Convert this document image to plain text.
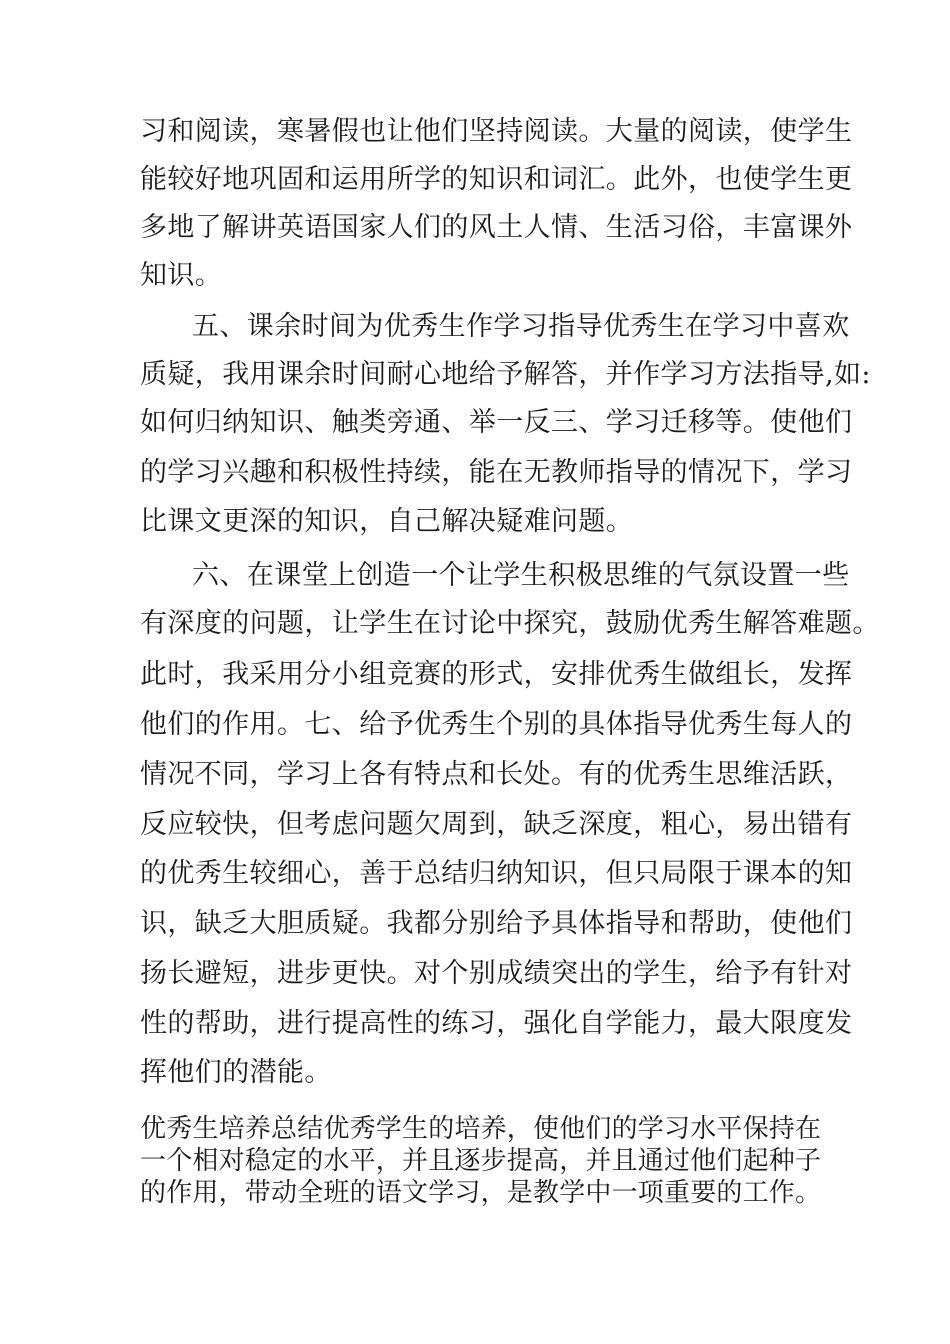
习和阅读，寒暑假也让他们坚持阅读。大量的阅读，使学生
能较好地巩固和运用所学的知识和词汇。此外，也使学生更
多地了解讲英语国家人们的风土人情、生活习俗，丰富课外
知识。
五、课余时间为优秀生作学习指导优秀生在学习中喜欢
质疑，我用课余时间耐心地给予解答，并作学习方法指导,如:
如何归纳知识、触类旁通、举一反三、学习迁移等。使他们
的学习兴趣和积极性持续，能在无教师指导的情况下，学习
比课文更深的知识，自己解决疑难问题。
六、在课堂上创造一个让学生积极思维的气氛设置一些
有深度的问题，让学生在讨论中探究，鼓励优秀生解答难题。
此时，我采用分小组竞赛的形式，安排优秀生做组长，发挥
他们的作用。七、给予优秀生个别的具体指导优秀生每人的
情况不同，学习上各有特点和长处。有的优秀生思维活跃，
反应较快，但考虑问题欠周到，缺乏深度，粗心，易出错有
的优秀生较细心，善于总结归纳知识，但只局限于课本的知
识，缺乏大胆质疑。我都分别给予具体指导和帮助，使他们
扬长避短，进步更快。对个别成绩突出的学生，给予有针对
性的帮助，进行提高性的练习，强化自学能力，最大限度发
挥他们的潜能。
优秀生培养总结优秀学生的培养，使他们的学习水平保持在
一个相对稳定的水平，并且逐步提高，并且通过他们起种子
的作用，带动全班的语文学习，是教学中一项重要的工作。
